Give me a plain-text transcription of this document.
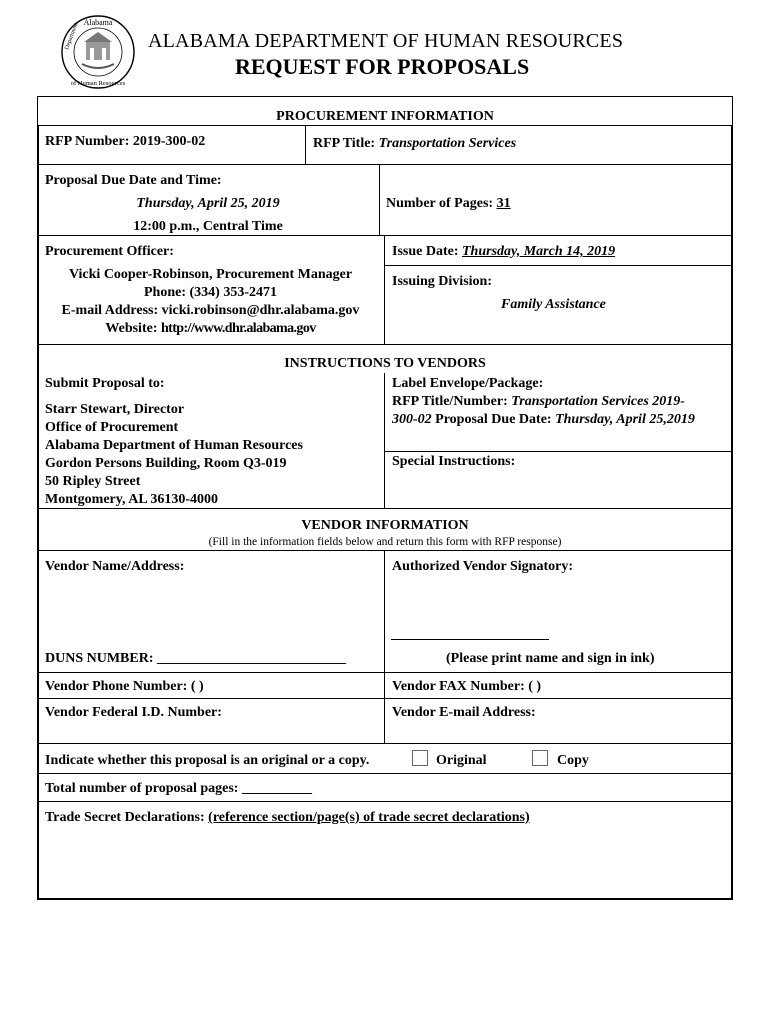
Alabama
Department
of Human Resources
ALABAMA DEPARTMENT OF HUMAN RESOURCES
REQUEST FOR PROPOSALS
PROCUREMENT INFORMATION
RFP Number: 2019-300-02	RFP Title: Transportation Services
Proposal Due Date and Time:
Thursday, April 25, 2019
12:00 p.m., Central Time
Number of Pages: 31
Procurement Officer:
Vicki Cooper-Robinson, Procurement Manager
Phone: (334) 353-2471
E-mail Address: vicki.robinson@dhr.alabama.gov
Website: http://www.dhr.alabama.gov
Issue Date: Thursday, March 14, 2019
Issuing Division:
Family Assistance
INSTRUCTIONS TO VENDORS
Submit Proposal to:
Starr Stewart, Director
Office of Procurement
Alabama Department of Human Resources
Gordon Persons Building, Room Q3-019
50 Ripley Street
Montgomery, AL 36130-4000
Label Envelope/Package:
RFP Title/Number: Transportation Services 2019-
300-02 Proposal Due Date: Thursday, April 25,2019
Special Instructions:
VENDOR INFORMATION
(Fill in the information fields below and return this form with RFP response)
Vendor Name/Address:
DUNS NUMBER: ___________________________
Authorized Vendor Signatory:
(Please print name and sign in ink)
Vendor Phone Number: ( )	Vendor FAX Number: ( )
Vendor Federal I.D. Number:	Vendor E-mail Address:
Indicate whether this proposal is an original or a copy.	Original	Copy
Total number of proposal pages: __________
Trade Secret Declarations: (reference section/page(s) of trade secret declarations)
